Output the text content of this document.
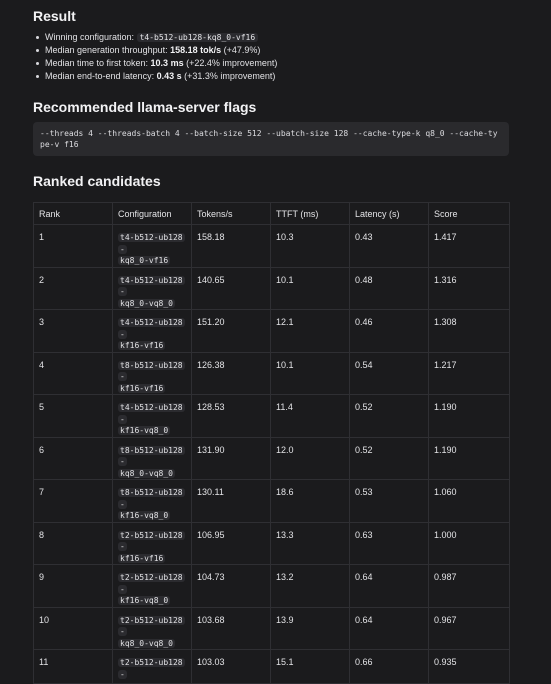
Result
Winning configuration: t4-b512-ub128-kq8_0-vf16
Median generation throughput: 158.18 tok/s (+47.9%)
Median time to first token: 10.3 ms (+22.4% improvement)
Median end-to-end latency: 0.43 s (+31.3% improvement)
Recommended llama-server flags
--threads 4 --threads-batch 4 --batch-size 512 --ubatch-size 128 --cache-type-k q8_0 --cache-type-v f16
Ranked candidates
Rank	Configuration	Tokens/s	TTFT (ms)	Latency (s)	Score
1	t4-b512-ub128-
kq8_0-vf16	158.18	10.3	0.43	1.417
2	t4-b512-ub128-
kq8_0-vq8_0	140.65	10.1	0.48	1.316
3	t4-b512-ub128-
kf16-vf16	151.20	12.1	0.46	1.308
4	t8-b512-ub128-
kf16-vf16	126.38	10.1	0.54	1.217
5	t4-b512-ub128-
kf16-vq8_0	128.53	11.4	0.52	1.190
6	t8-b512-ub128-
kq8_0-vq8_0	131.90	12.0	0.52	1.190
7	t8-b512-ub128-
kf16-vq8_0	130.11	18.6	0.53	1.060
8	t2-b512-ub128-
kf16-vf16	106.95	13.3	0.63	1.000
9	t2-b512-ub128-
kf16-vq8_0	104.73	13.2	0.64	0.987
10	t2-b512-ub128-
kq8_0-vq8_0	103.68	13.9	0.64	0.967
11	t2-b512-ub128-	103.03	15.1	0.66	0.935
